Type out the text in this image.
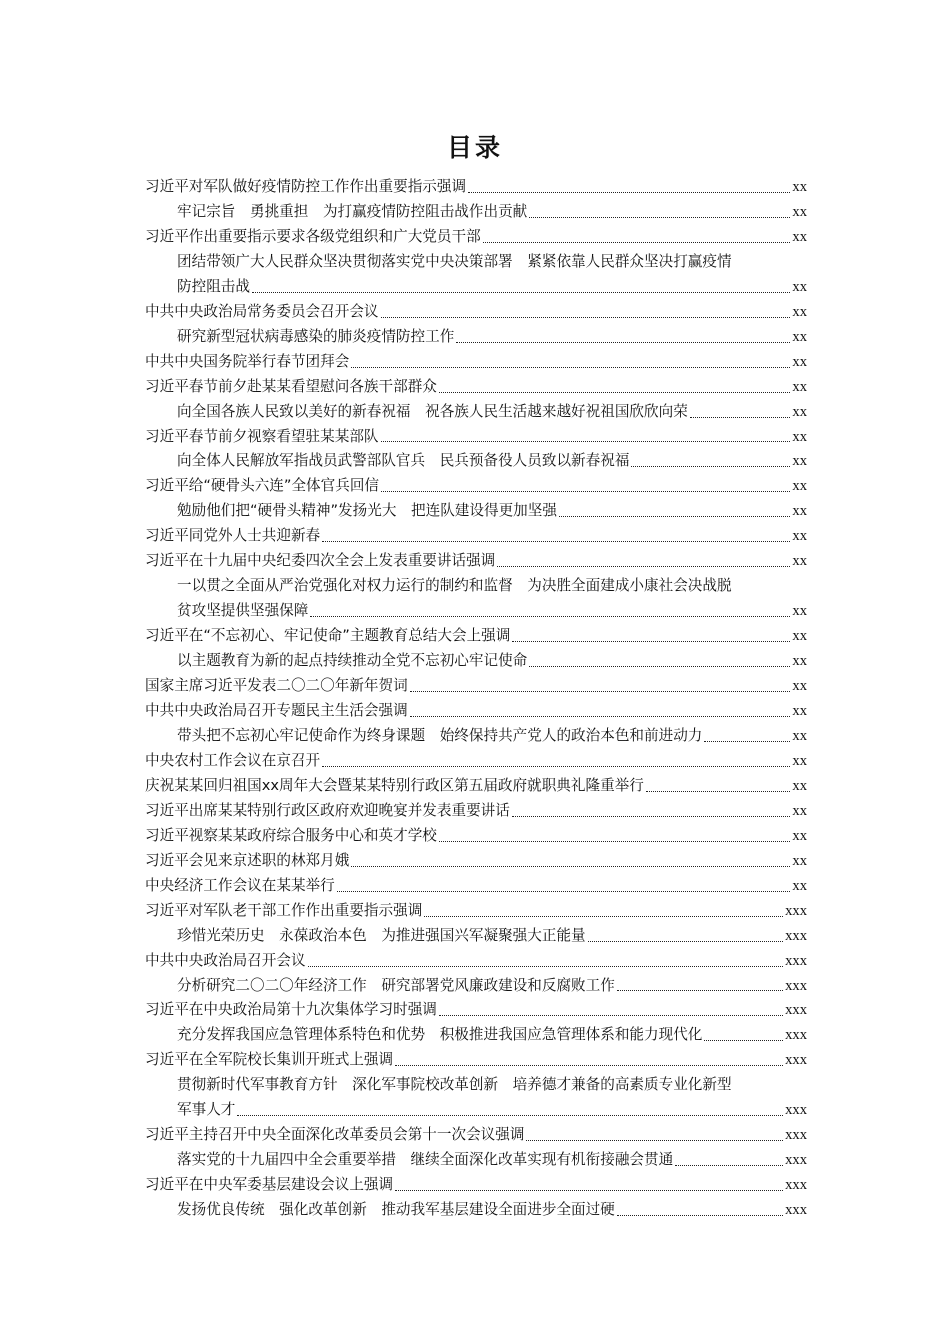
目录
习近平对军队做好疫情防控工作作出重要指示强调	xx
牢记宗旨　勇挑重担　为打赢疫情防控阻击战作出贡献	xx
习近平作出重要指示要求各级党组织和广大党员干部	xx
团结带领广大人民群众坚决贯彻落实党中央决策部署　紧紧依靠人民群众坚决打赢疫情
防控阻击战	xx
中共中央政治局常务委员会召开会议	xx
研究新型冠状病毒感染的肺炎疫情防控工作	xx
中共中央国务院举行春节团拜会	xx
习近平春节前夕赴某某看望慰问各族干部群众	xx
向全国各族人民致以美好的新春祝福　祝各族人民生活越来越好祝祖国欣欣向荣	xx
习近平春节前夕视察看望驻某某部队	xx
向全体人民解放军指战员武警部队官兵　民兵预备役人员致以新春祝福	xx
习近平给“硬骨头六连”全体官兵回信	xx
勉励他们把“硬骨头精神”发扬光大　把连队建设得更加坚强	xx
习近平同党外人士共迎新春	xx
习近平在十九届中央纪委四次全会上发表重要讲话强调	xx
一以贯之全面从严治党强化对权力运行的制约和监督　为决胜全面建成小康社会决战脱
贫攻坚提供坚强保障	xx
习近平在“不忘初心、牢记使命”主题教育总结大会上强调	xx
以主题教育为新的起点持续推动全党不忘初心牢记使命	xx
国家主席习近平发表二〇二〇年新年贺词	xx
中共中央政治局召开专题民主生活会强调	xx
带头把不忘初心牢记使命作为终身课题　始终保持共产党人的政治本色和前进动力	xx
中央农村工作会议在京召开	xx
庆祝某某回归祖国xx周年大会暨某某特别行政区第五届政府就职典礼隆重举行	xx
习近平出席某某特别行政区政府欢迎晚宴并发表重要讲话	xx
习近平视察某某政府综合服务中心和英才学校	xx
习近平会见来京述职的林郑月娥	xx
中央经济工作会议在某某举行	xx
习近平对军队老干部工作作出重要指示强调	xxx
珍惜光荣历史　永葆政治本色　为推进强国兴军凝聚强大正能量	xxx
中共中央政治局召开会议	xxx
分析研究二〇二〇年经济工作　研究部署党风廉政建设和反腐败工作	xxx
习近平在中央政治局第十九次集体学习时强调	xxx
充分发挥我国应急管理体系特色和优势　积极推进我国应急管理体系和能力现代化	xxx
习近平在全军院校长集训开班式上强调	xxx
贯彻新时代军事教育方针　深化军事院校改革创新　培养德才兼备的高素质专业化新型
军事人才	xxx
习近平主持召开中央全面深化改革委员会第十一次会议强调	xxx
落实党的十九届四中全会重要举措　继续全面深化改革实现有机衔接融会贯通	xxx
习近平在中央军委基层建设会议上强调	xxx
发扬优良传统　强化改革创新　推动我军基层建设全面进步全面过硬	xxx
